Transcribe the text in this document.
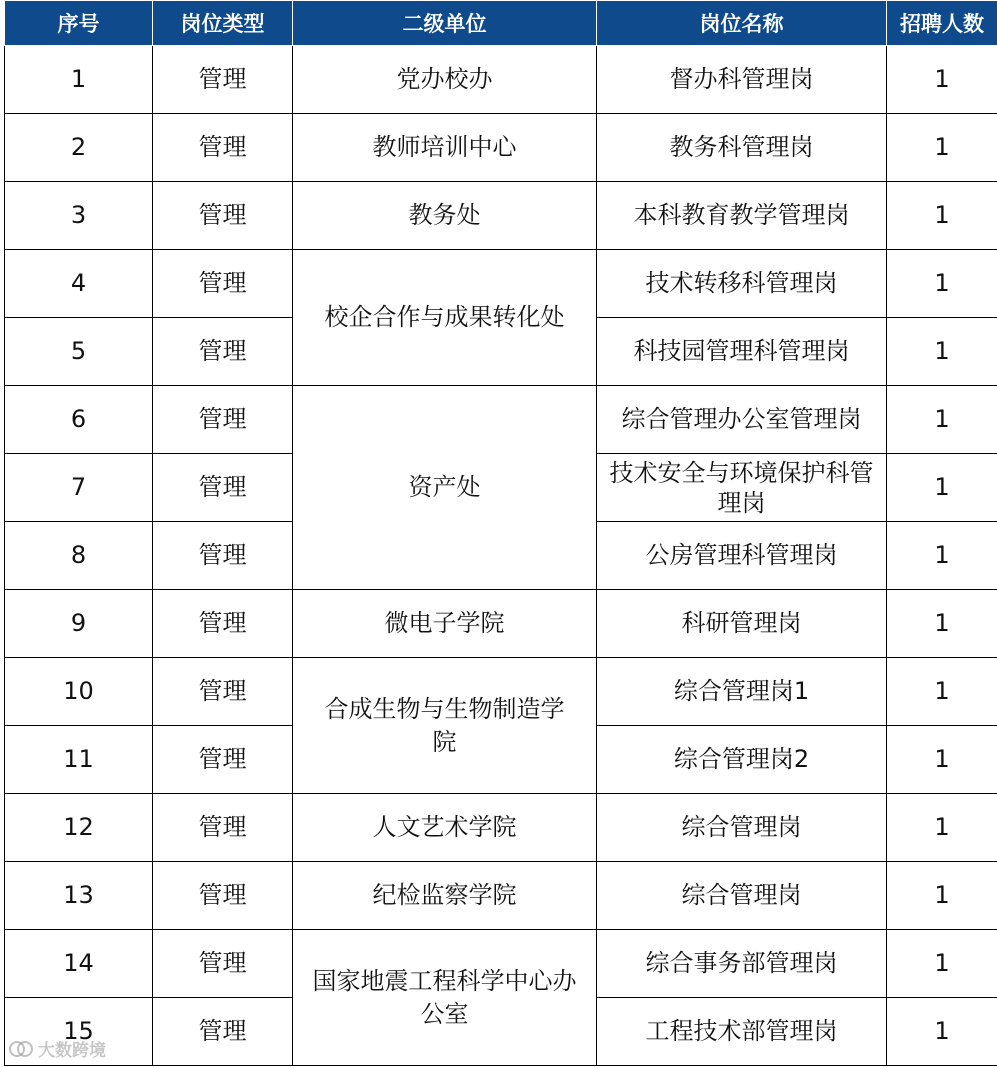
序号	岗位类型	二级单位	岗位名称	招聘人数
1	管理	党办校办	督办科管理岗	1
2	管理	教师培训中心	教务科管理岗	1
3	管理	教务处	本科教育教学管理岗	1
4	管理	校企合作与成果转化处	技术转移科管理岗	1
5	管理		科技园管理科管理岗	1
6	管理	资产处	综合管理办公室管理岗	1
7	管理		技术安全与环境保护科管理岗	1
8	管理		公房管理科管理岗	1
9	管理	微电子学院	科研管理岗	1
10	管理	合成生物与生物制造学院	综合管理岗1	1
11	管理		综合管理岗2	1
12	管理	人文艺术学院	综合管理岗	1
13	管理	纪检监察学院	综合管理岗	1
14	管理	国家地震工程科学中心办公室	综合事务部管理岗	1
15	管理		工程技术部管理岗	1
大数跨境
